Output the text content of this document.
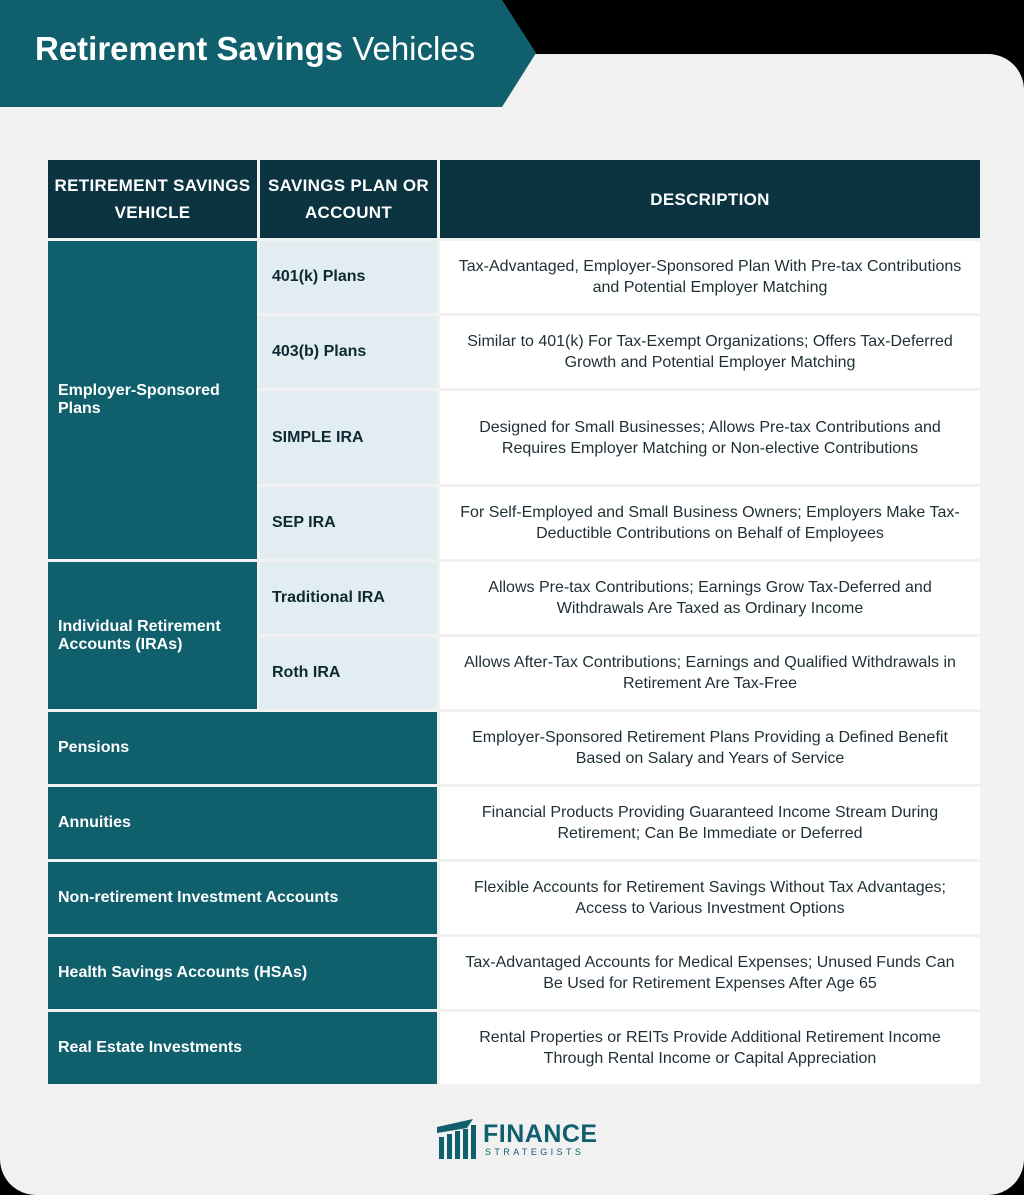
Retirement Savings Vehicles
RETIREMENT SAVINGS VEHICLE	SAVINGS PLAN OR ACCOUNT	DESCRIPTION
Employer-Sponsored Plans	401(k) Plans	Tax-Advantaged, Employer-Sponsored Plan With Pre-tax Contributions and Potential Employer Matching
	403(b) Plans	Similar to 401(k) For Tax-Exempt Organizations; Offers Tax-Deferred Growth and Potential Employer Matching
	SIMPLE IRA	Designed for Small Businesses; Allows Pre-tax Contributions and Requires Employer Matching or Non-elective Contributions
	SEP IRA	For Self-Employed and Small Business Owners; Employers Make Tax-Deductible Contributions on Behalf of Employees
Individual Retirement Accounts (IRAs)	Traditional IRA	Allows Pre-tax Contributions; Earnings Grow Tax-Deferred and Withdrawals Are Taxed as Ordinary Income
	Roth IRA	Allows After-Tax Contributions; Earnings and Qualified Withdrawals in Retirement Are Tax-Free
Pensions		Employer-Sponsored Retirement Plans Providing a Defined Benefit Based on Salary and Years of Service
Annuities		Financial Products Providing Guaranteed Income Stream During Retirement; Can Be Immediate or Deferred
Non-retirement Investment Accounts		Flexible Accounts for Retirement Savings Without Tax Advantages; Access to Various Investment Options
Health Savings Accounts (HSAs)		Tax-Advantaged Accounts for Medical Expenses; Unused Funds Can Be Used for Retirement Expenses After Age 65
Real Estate Investments		Rental Properties or REITs Provide Additional Retirement Income Through Rental Income or Capital Appreciation
FINANCE
STRATEGISTS
